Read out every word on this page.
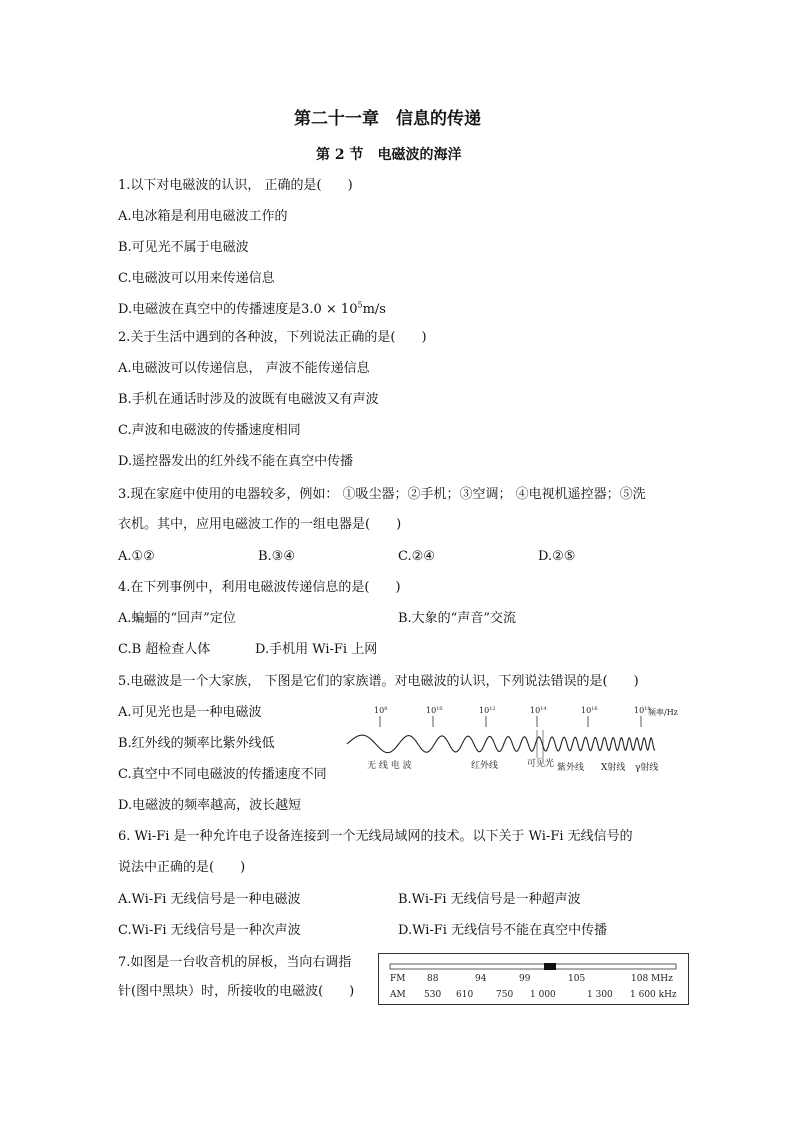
第二十一章　信息的传递
第 2 节　电磁波的海洋
1.以下对电磁波的认识， 正确的是(　　)
A.电冰箱是利用电磁波工作的
B.可见光不属于电磁波
C.电磁波可以用来传递信息
D.电磁波在真空中的传播速度是$3.0 \times 10^5m/s$
2.关于生活中遇到的各种波，下列说法正确的是(　　)
A.电磁波可以传递信息， 声波不能传递信息
B.手机在通话时涉及的波既有电磁波又有声波
C.声波和电磁波的传播速度相同
D.遥控器发出的红外线不能在真空中传播
3.现在家庭中使用的电器较多，例如： ①吸尘器；②手机；③空调； ④电视机遥控器；⑤洗
衣机。其中，应用电磁波工作的一组电器是(　　)
A.①②	B.③④	C.②④	D.②⑤
4.在下列事例中，利用电磁波传递信息的是(　　)
A.蝙蝠的“回声”定位	B.大象的“声音”交流
C.B 超检查人体	D.手机用 Wi-Fi 上网
5.电磁波是一个大家族， 下图是它们的家族谱。对电磁波的认识，下列说法错误的是(　　)
A.可见光也是一种电磁波
B.红外线的频率比紫外线低
C.真空中不同电磁波的传播速度不同
D.电磁波的频率越高，波长越短
$10^8$	$10^{10}$	$10^{12}$	$10^{14}$	$10^{16}$	$10^{18}$
频率/Hz
无 线 电 波	红外线	可见光 紫外线 X射线 γ射线
6. Wi-Fi 是一种允许电子设备连接到一个无线局域网的技术。以下关于 Wi-Fi 无线信号的
说法中正确的是(　　)
A.Wi-Fi 无线信号是一种电磁波	B.Wi-Fi 无线信号是一种超声波
C.Wi-Fi 无线信号是一种次声波	D.Wi-Fi 无线信号不能在真空中传播
7.如图是一台收音机的屏板，当向右调指
针(图中黑块）时，所接收的电磁波(　　)
FM 88	94	99	105	108 MHz
AM 530 610	750 1 000	1 300 1 600 kHz
